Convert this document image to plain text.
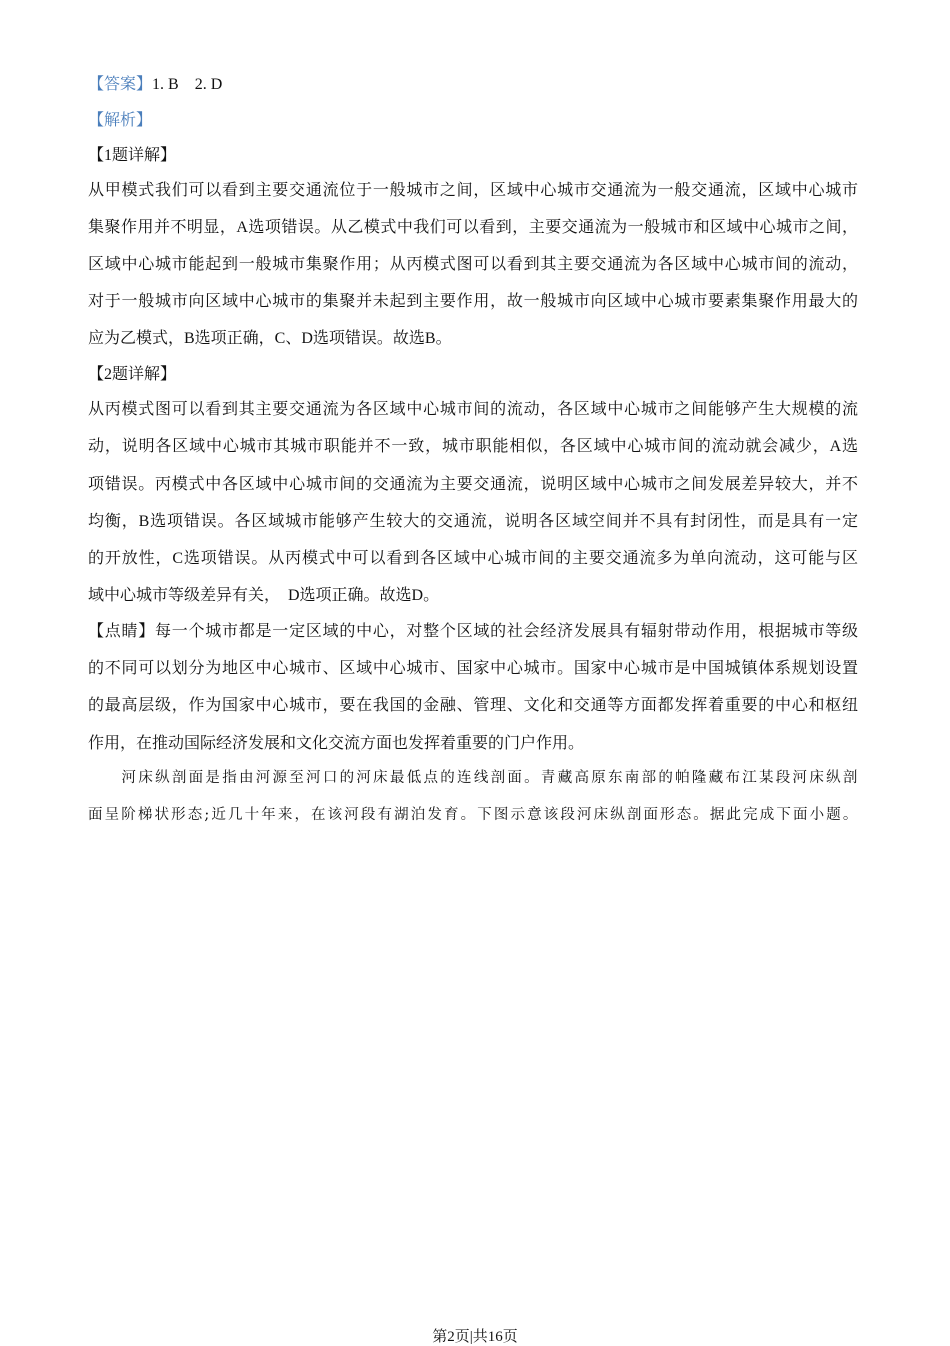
【答案】1. B　2. D
【解析】
【1题详解】
从甲模式我们可以看到主要交通流位于一般城市之间，区域中心城市交通流为一般交通流，区域中心城市
集聚作用并不明显，A选项错误。从乙模式中我们可以看到，主要交通流为一般城市和区域中心城市之间，
区域中心城市能起到一般城市集聚作用；从丙模式图可以看到其主要交通流为各区域中心城市间的流动，
对于一般城市向区域中心城市的集聚并未起到主要作用，故一般城市向区域中心城市要素集聚作用最大的
应为乙模式，B选项正确，C、D选项错误。故选B。
【2题详解】
从丙模式图可以看到其主要交通流为各区域中心城市间的流动，各区域中心城市之间能够产生大规模的流
动，说明各区域中心城市其城市职能并不一致，城市职能相似，各区域中心城市间的流动就会减少，A选
项错误。丙模式中各区域中心城市间的交通流为主要交通流，说明区域中心城市之间发展差异较大，并不
均衡，B选项错误。各区域城市能够产生较大的交通流，说明各区域空间并不具有封闭性，而是具有一定
的开放性，C选项错误。从丙模式中可以看到各区域中心城市间的主要交通流多为单向流动，这可能与区
域中心城市等级差异有关，　D选项正确。故选D。
【点睛】每一个城市都是一定区域的中心，对整个区域的社会经济发展具有辐射带动作用，根据城市等级
的不同可以划分为地区中心城市、区域中心城市、国家中心城市。国家中心城市是中国城镇体系规划设置
的最高层级，作为国家中心城市，要在我国的金融、管理、文化和交通等方面都发挥着重要的中心和枢纽
作用，在推动国际经济发展和文化交流方面也发挥着重要的门户作用。
　　河床纵剖面是指由河源至河口的河床最低点的连线剖面。青藏高原东南部的帕隆藏布江某段河床纵剖
面呈阶梯状形态;近几十年来，在该河段有湖泊发育。下图示意该段河床纵剖面形态。据此完成下面小题。
第2页|共16页
